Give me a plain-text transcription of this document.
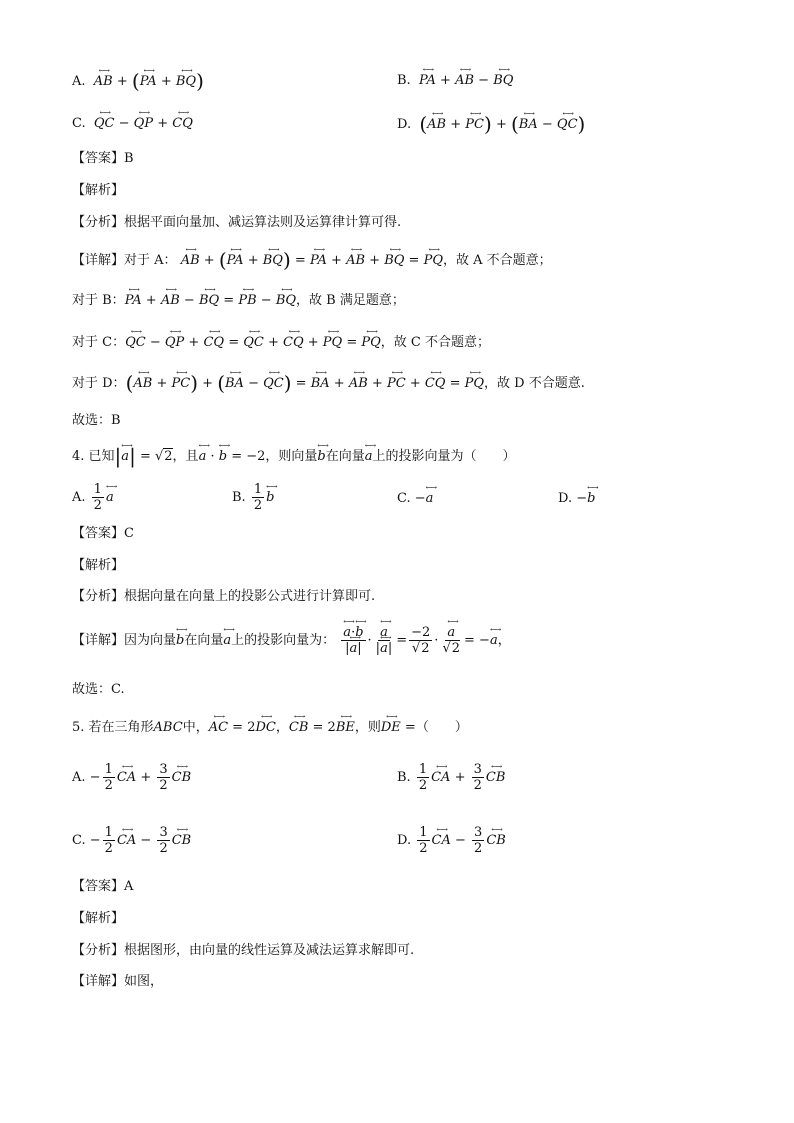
A. ←→ AB + (←→ PA + ←→ BQ)	B. ←→ PA + ←→ AB − ←→ BQ
C. ←→ QC − ←→ QP + ←→ CQ	D. (←→ AB + ←→ PC) + (←→ BA − ←→ QC)
【答案】B
【解析】
【分析】根据平面向量加、减运算法则及运算律计算可得.
【详解】对于 A： ←→ AB + (←→ PA + ←→ BQ) = ←→ PA + ←→ AB + ←→ BQ = ←→ PQ，故 A 不合题意；
对于 B：←→ PA + ←→ AB − ←→ BQ = ←→ PB − ←→ BQ，故 B 满足题意；
对于 C：←→ QC − ←→ QP + ←→ CQ = ←→ QC + ←→ CQ + ←→ PQ = ←→ PQ，故 C 不合题意；
对于 D：(←→ AB + ←→ PC) + (←→ BA − ←→ QC) = ←→ BA + ←→ AB + ←→ PC + ←→ CQ = ←→ PQ，故 D 不合题意.
故选：B
4. 已知|←→ a| = √2，且←→ a · ←→ b = −2，则向量←→ b在向量←→ a上的投影向量为（　　）
A. $\frac{1}{2}$ ←→ a	B. $\frac{1}{2}$ ←→ b	C. −←→ a	D. −←→ b
【答案】C
【解析】
【分析】根据向量在向量上的投影公式进行计算即可.
【详解】因为向量←→ b在向量←→ a上的投影向量为： ←→ $\frac{a\cdot\leftarrow\to b}{|\leftarrow\to a|}$ · ←→ $\frac{a}{|\leftarrow\to a|} = \frac{-2}{√2}$ · ←→ $\frac{a}{√2}$ = −←→ a，
故选：C.
5. 若在三角形ABC中，←→ AC = 2←→ DC，←→ CB = 2←→ BE，则←→ DE =（　　）
A. − $\frac{1}{2}$ ←→ CA + $\frac{3}{2}$ ←→ CB	B. $\frac{1}{2}$ ←→ CA + $\frac{3}{2}$ ←→ CB
C. − $\frac{1}{2}$ ←→ CA − $\frac{3}{2}$ ←→ CB	D. $\frac{1}{2}$ ←→ CA − $\frac{3}{2}$ ←→ CB
【答案】A
【解析】
【分析】根据图形，由向量的线性运算及减法运算求解即可.
【详解】如图，
